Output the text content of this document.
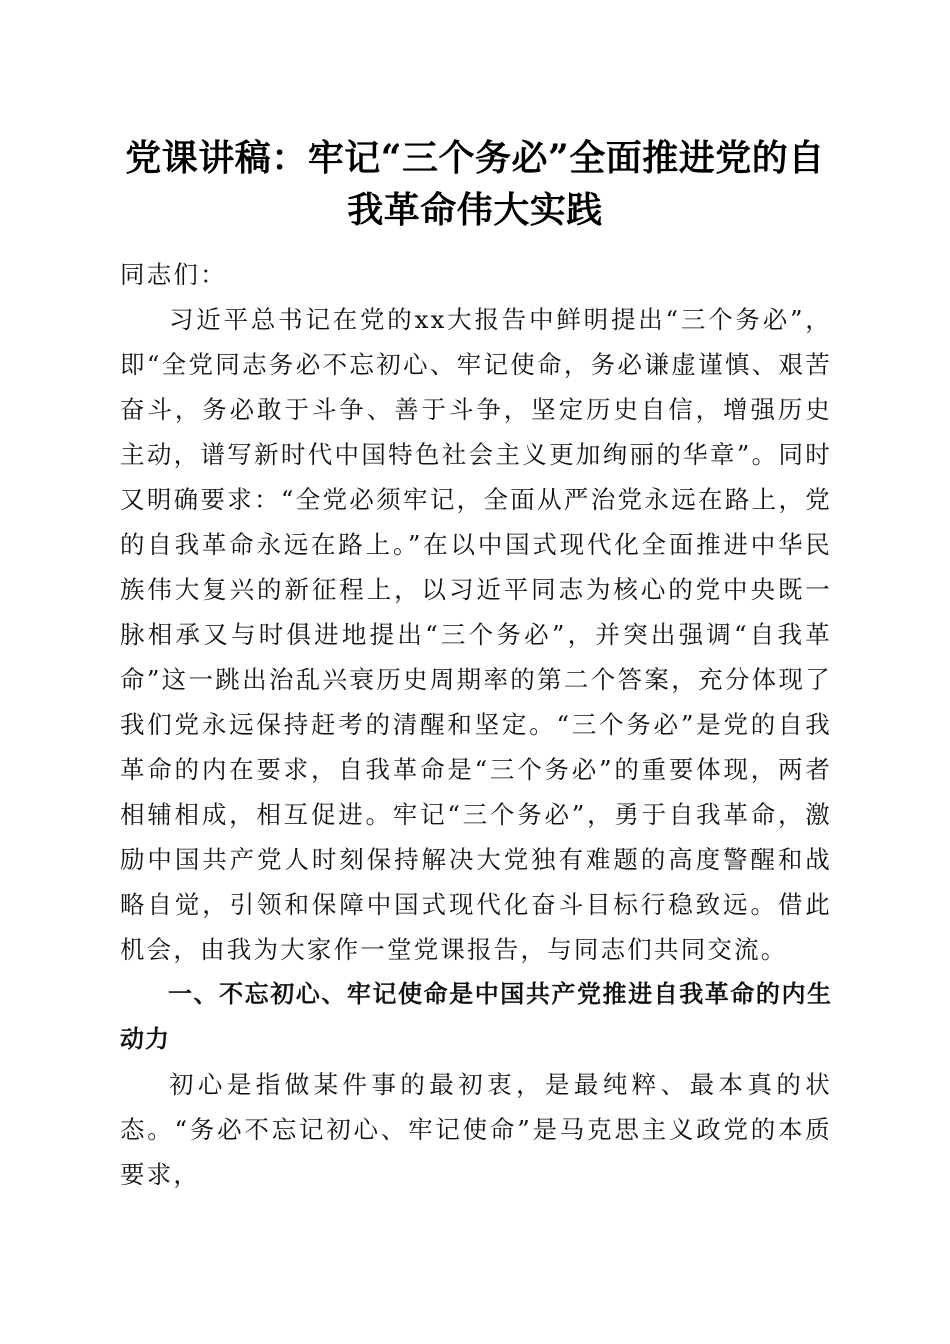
党课讲稿：牢记“三个务必”全面推进党的自我革命伟大实践

同志们：

习近平总书记在党的xx大报告中鲜明提出“三个务必”，即“全党同志务必不忘初心、牢记使命，务必谦虚谨慎、艰苦奋斗，务必敢于斗争、善于斗争，坚定历史自信，增强历史主动，谱写新时代中国特色社会主义更加绚丽的华章”。同时又明确要求：“全党必须牢记，全面从严治党永远在路上，党的自我革命永远在路上。”在以中国式现代化全面推进中华民族伟大复兴的新征程上，以习近平同志为核心的党中央既一脉相承又与时俱进地提出“三个务必”，并突出强调“自我革命”这一跳出治乱兴衰历史周期率的第二个答案，充分体现了我们党永远保持赶考的清醒和坚定。“三个务必”是党的自我革命的内在要求，自我革命是“三个务必”的重要体现，两者相辅相成，相互促进。牢记“三个务必”，勇于自我革命，激励中国共产党人时刻保持解决大党独有难题的高度警醒和战略自觉，引领和保障中国式现代化奋斗目标行稳致远。借此机会，由我为大家作一堂党课报告，与同志们共同交流。

一、不忘初心、牢记使命是中国共产党推进自我革命的内生动力

初心是指做某件事的最初衷，是最纯粹、最本真的状态。“务必不忘记初心、牢记使命”是马克思主义政党的本质要求，
